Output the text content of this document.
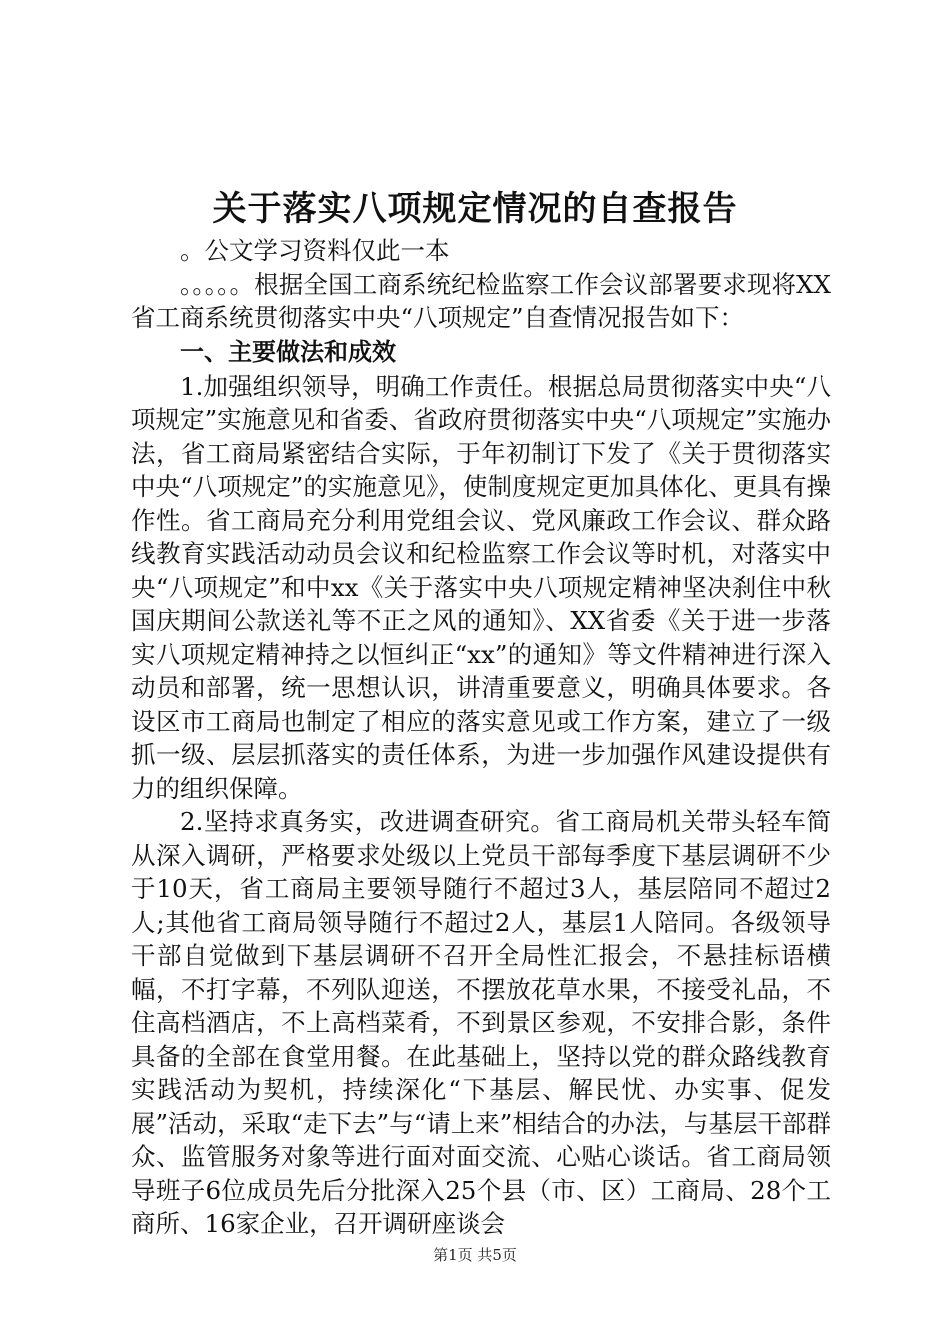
关于落实八项规定情况的自查报告

。公文学习资料仅此一本

。。。。。根据全国工商系统纪检监察工作会议部署要求现将XX省工商系统贯彻落实中央“八项规定”自查情况报告如下：

一、主要做法和成效

1.加强组织领导，明确工作责任。根据总局贯彻落实中央“八项规定”实施意见和省委、省政府贯彻落实中央“八项规定”实施办法，省工商局紧密结合实际，于年初制订下发了《关于贯彻落实中央“八项规定”的实施意见》，使制度规定更加具体化、更具有操作性。省工商局充分利用党组会议、党风廉政工作会议、群众路线教育实践活动动员会议和纪检监察工作会议等时机，对落实中央“八项规定”和中xx《关于落实中央八项规定精神坚决刹住中秋国庆期间公款送礼等不正之风的通知》、XX省委《关于进一步落实八项规定精神持之以恒纠正“xx”的通知》等文件精神进行深入动员和部署，统一思想认识，讲清重要意义，明确具体要求。各设区市工商局也制定了相应的落实意见或工作方案，建立了一级抓一级、层层抓落实的责任体系，为进一步加强作风建设提供有力的组织保障。

2.坚持求真务实，改进调查研究。省工商局机关带头轻车简从深入调研，严格要求处级以上党员干部每季度下基层调研不少于10天，省工商局主要领导随行不超过3人，基层陪同不超过2人;其他省工商局领导随行不超过2人，基层1人陪同。各级领导干部自觉做到下基层调研不召开全局性汇报会，不悬挂标语横幅，不打字幕，不列队迎送，不摆放花草水果，不接受礼品，不住高档酒店，不上高档菜肴，不到景区参观，不安排合影，条件具备的全部在食堂用餐。在此基础上，坚持以党的群众路线教育实践活动为契机，持续深化“下基层、解民忧、办实事、促发展”活动，采取“走下去”与“请上来”相结合的办法，与基层干部群众、监管服务对象等进行面对面交流、心贴心谈话。省工商局领导班子6位成员先后分批深入25个县（市、区）工商局、28个工商所、16家企业，召开调研座谈会

第1页 共5页
